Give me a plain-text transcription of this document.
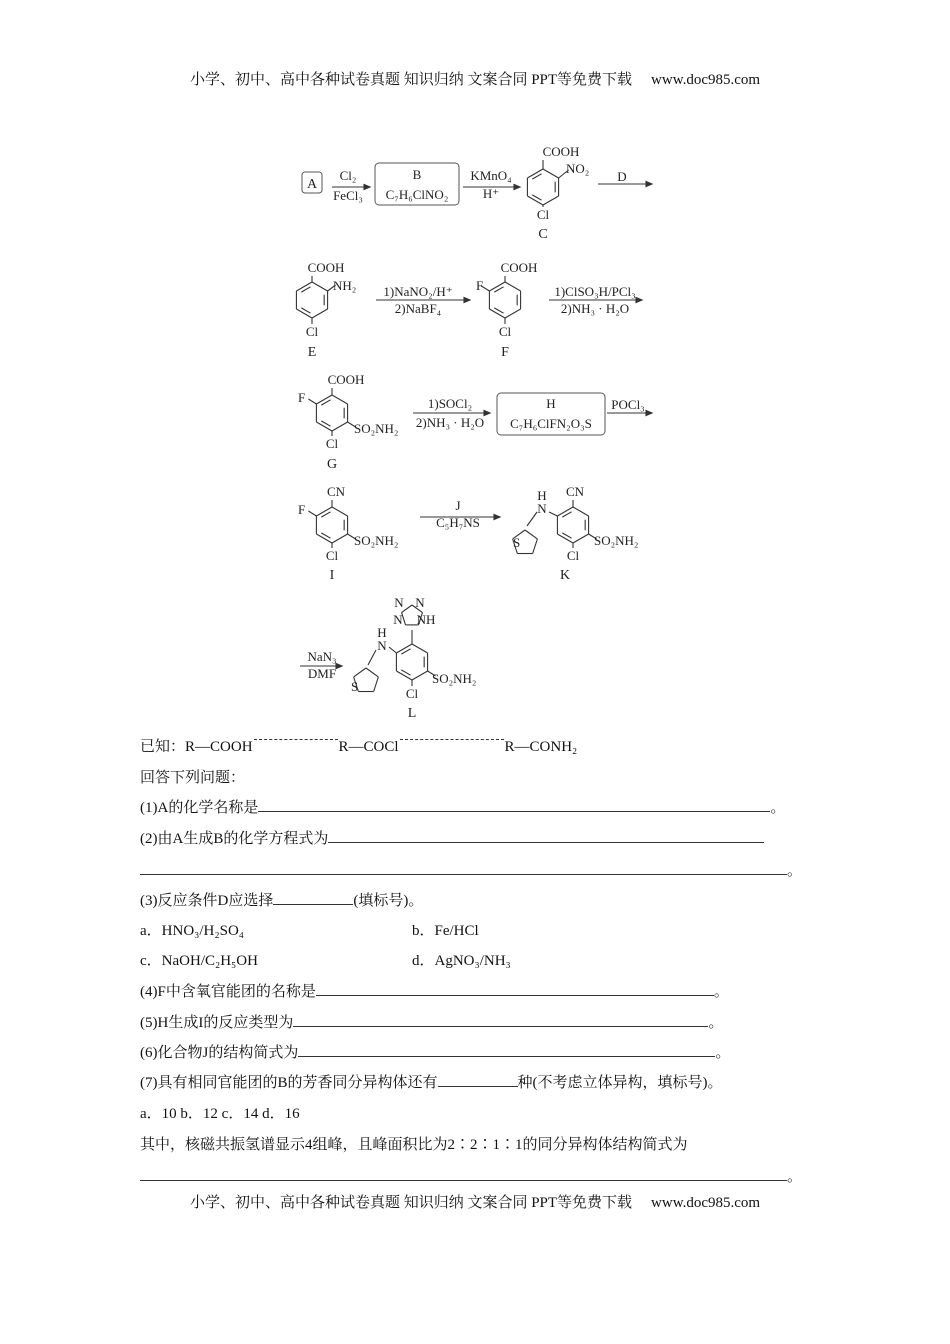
小学、初中、高中各种试卷真题 知识归纳 文案合同 PPT等免费下载 www.doc985.com
A
Cl₂
FeCl₃
B
C₇H₆ClNO₂
KMnO₄
H⁺
COOH
NO₂
Cl
C
D
COOH
NH₂
Cl
E
1)NaNO₂/H⁺
2)NaBF₄
F
COOH
Cl
F
1)ClSO₃H/PCl₃
2)NH₃ · H₂O
COOH
F
SO₂NH₂
Cl
G
1)SOCl₂
2)NH₃ · H₂O
H
C₇H₆ClFN₂O₃S
POCl₃
CN
F
SO₂NH₂
Cl
I
J
C₅H₇NS
H
N
CN
S	SO₂NH₂
Cl
K
N N
N NH
H
N
S
SO₂NH₂
Cl
L
NaN₃
DMF
已知：R—COOH	R—COCl	R—CONH₂
回答下列问题：
(1)A的化学名称是	。
(2)由A生成B的化学方程式为
。
(3)反应条件D应选择	(填标号)。
a．HNO₃/H₂SO₄	b．Fe/HCl
c．NaOH/C₂H₅OH	d．AgNO₃/NH₃
(4)F中含氧官能团的名称是	。
(5)H生成I的反应类型为	。
(6)化合物J的结构简式为	。
(7)具有相同官能团的B的芳香同分异构体还有	种(不考虑立体异构，填标号)。
a．10 b．12 c．14 d．16
其中，核磁共振氢谱显示4组峰，且峰面积比为2∶2∶1∶1的同分异构体结构简式为
。
小学、初中、高中各种试卷真题 知识归纳 文案合同 PPT等免费下载 www.doc985.com
